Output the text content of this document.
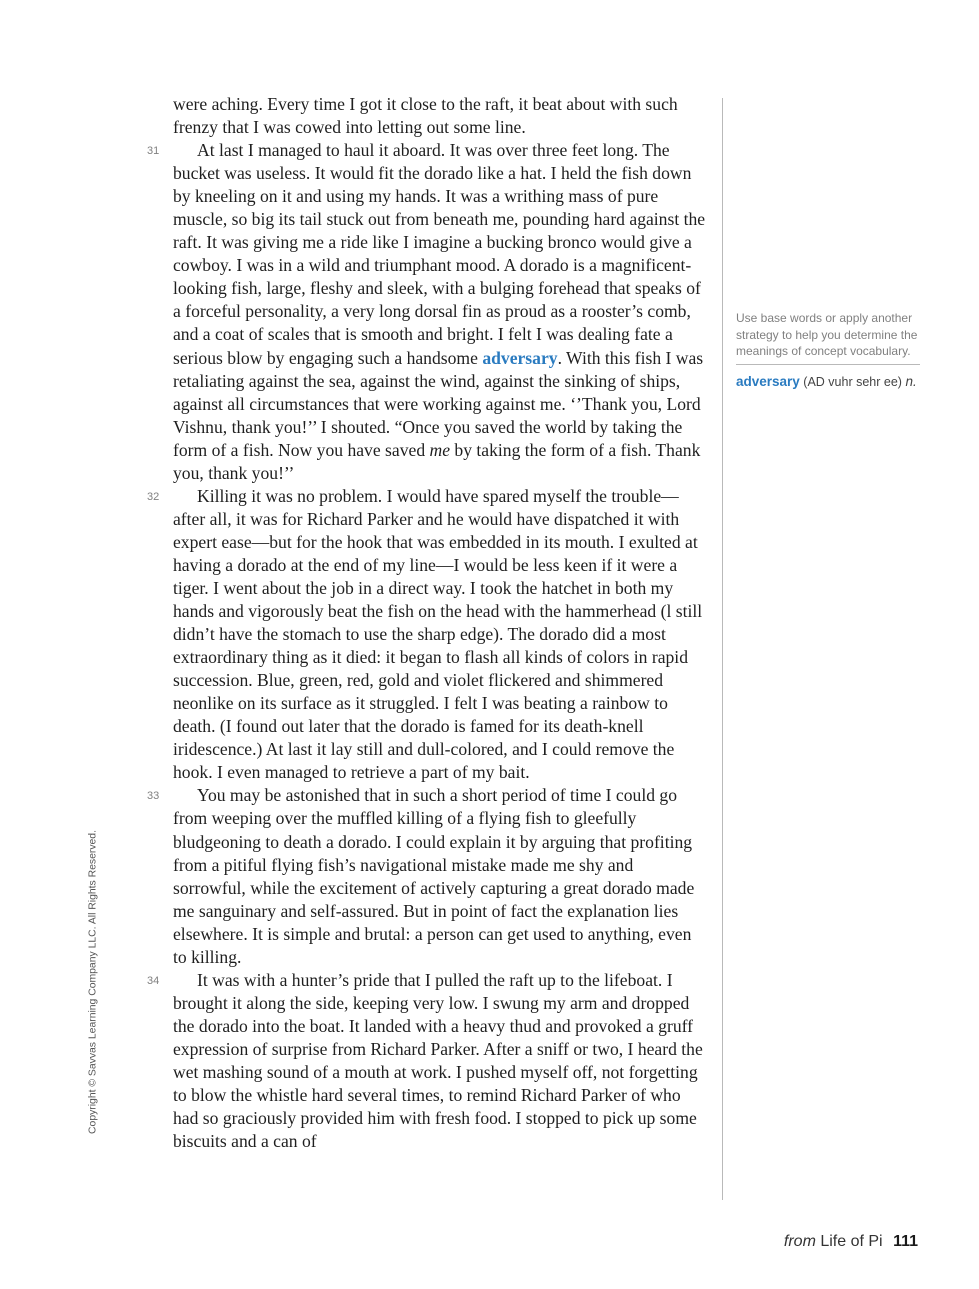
were aching. Every time I got it close to the raft, it beat about with such frenzy that I was cowed into letting out some line.

31 At last I managed to haul it aboard. It was over three feet long. The bucket was useless. It would fit the dorado like a hat. I held the fish down by kneeling on it and using my hands. It was a writhing mass of pure muscle, so big its tail stuck out from beneath me, pounding hard against the raft. It was giving me a ride like I imagine a bucking bronco would give a cowboy. I was in a wild and triumphant mood. A dorado is a magnificent-looking fish, large, fleshy and sleek, with a bulging forehead that speaks of a forceful personality, a very long dorsal fin as proud as a rooster’s comb, and a coat of scales that is smooth and bright. I felt I was dealing fate a serious blow by engaging such a handsome adversary. With this fish I was retaliating against the sea, against the wind, against the sinking of ships, against all circumstances that were working against me. ‘’Thank you, Lord Vishnu, thank you!’’ I shouted. “Once you saved the world by taking the form of a fish. Now you have saved me by taking the form of a fish. Thank you, thank you!’’

32 Killing it was no problem. I would have spared myself the trouble—after all, it was for Richard Parker and he would have dispatched it with expert ease—but for the hook that was embedded in its mouth. I exulted at having a dorado at the end of my line—I would be less keen if it were a tiger. I went about the job in a direct way. I took the hatchet in both my hands and vigorously beat the fish on the head with the hammerhead (l still didn’t have the stomach to use the sharp edge). The dorado did a most extraordinary thing as it died: it began to flash all kinds of colors in rapid succession. Blue, green, red, gold and violet flickered and shimmered neonlike on its surface as it struggled. I felt I was beating a rainbow to death. (I found out later that the dorado is famed for its death-knell iridescence.) At last it lay still and dull-colored, and I could remove the hook. I even managed to retrieve a part of my bait.

33 You may be astonished that in such a short period of time I could go from weeping over the muffled killing of a flying fish to gleefully bludgeoning to death a dorado. I could explain it by arguing that profiting from a pitiful flying fish’s navigational mistake made me shy and sorrowful, while the excitement of actively capturing a great dorado made me sanguinary and self-assured. But in point of fact the explanation lies elsewhere. It is simple and brutal: a person can get used to anything, even to killing.

34 It was with a hunter’s pride that I pulled the raft up to the lifeboat. I brought it along the side, keeping very low. I swung my arm and dropped the dorado into the boat. It landed with a heavy thud and provoked a gruff expression of surprise from Richard Parker. After a sniff or two, I heard the wet mashing sound of a mouth at work. I pushed myself off, not forgetting to blow the whistle hard several times, to remind Richard Parker of who had so graciously provided him with fresh food. I stopped to pick up some biscuits and a can of

Use base words or apply another strategy to help you determine the meanings of concept vocabulary.
adversary (AD vuhr sehr ee) n.
Copyright © Savvas Learning Company LLC. All Rights Reserved.
from Life of Pi 111
